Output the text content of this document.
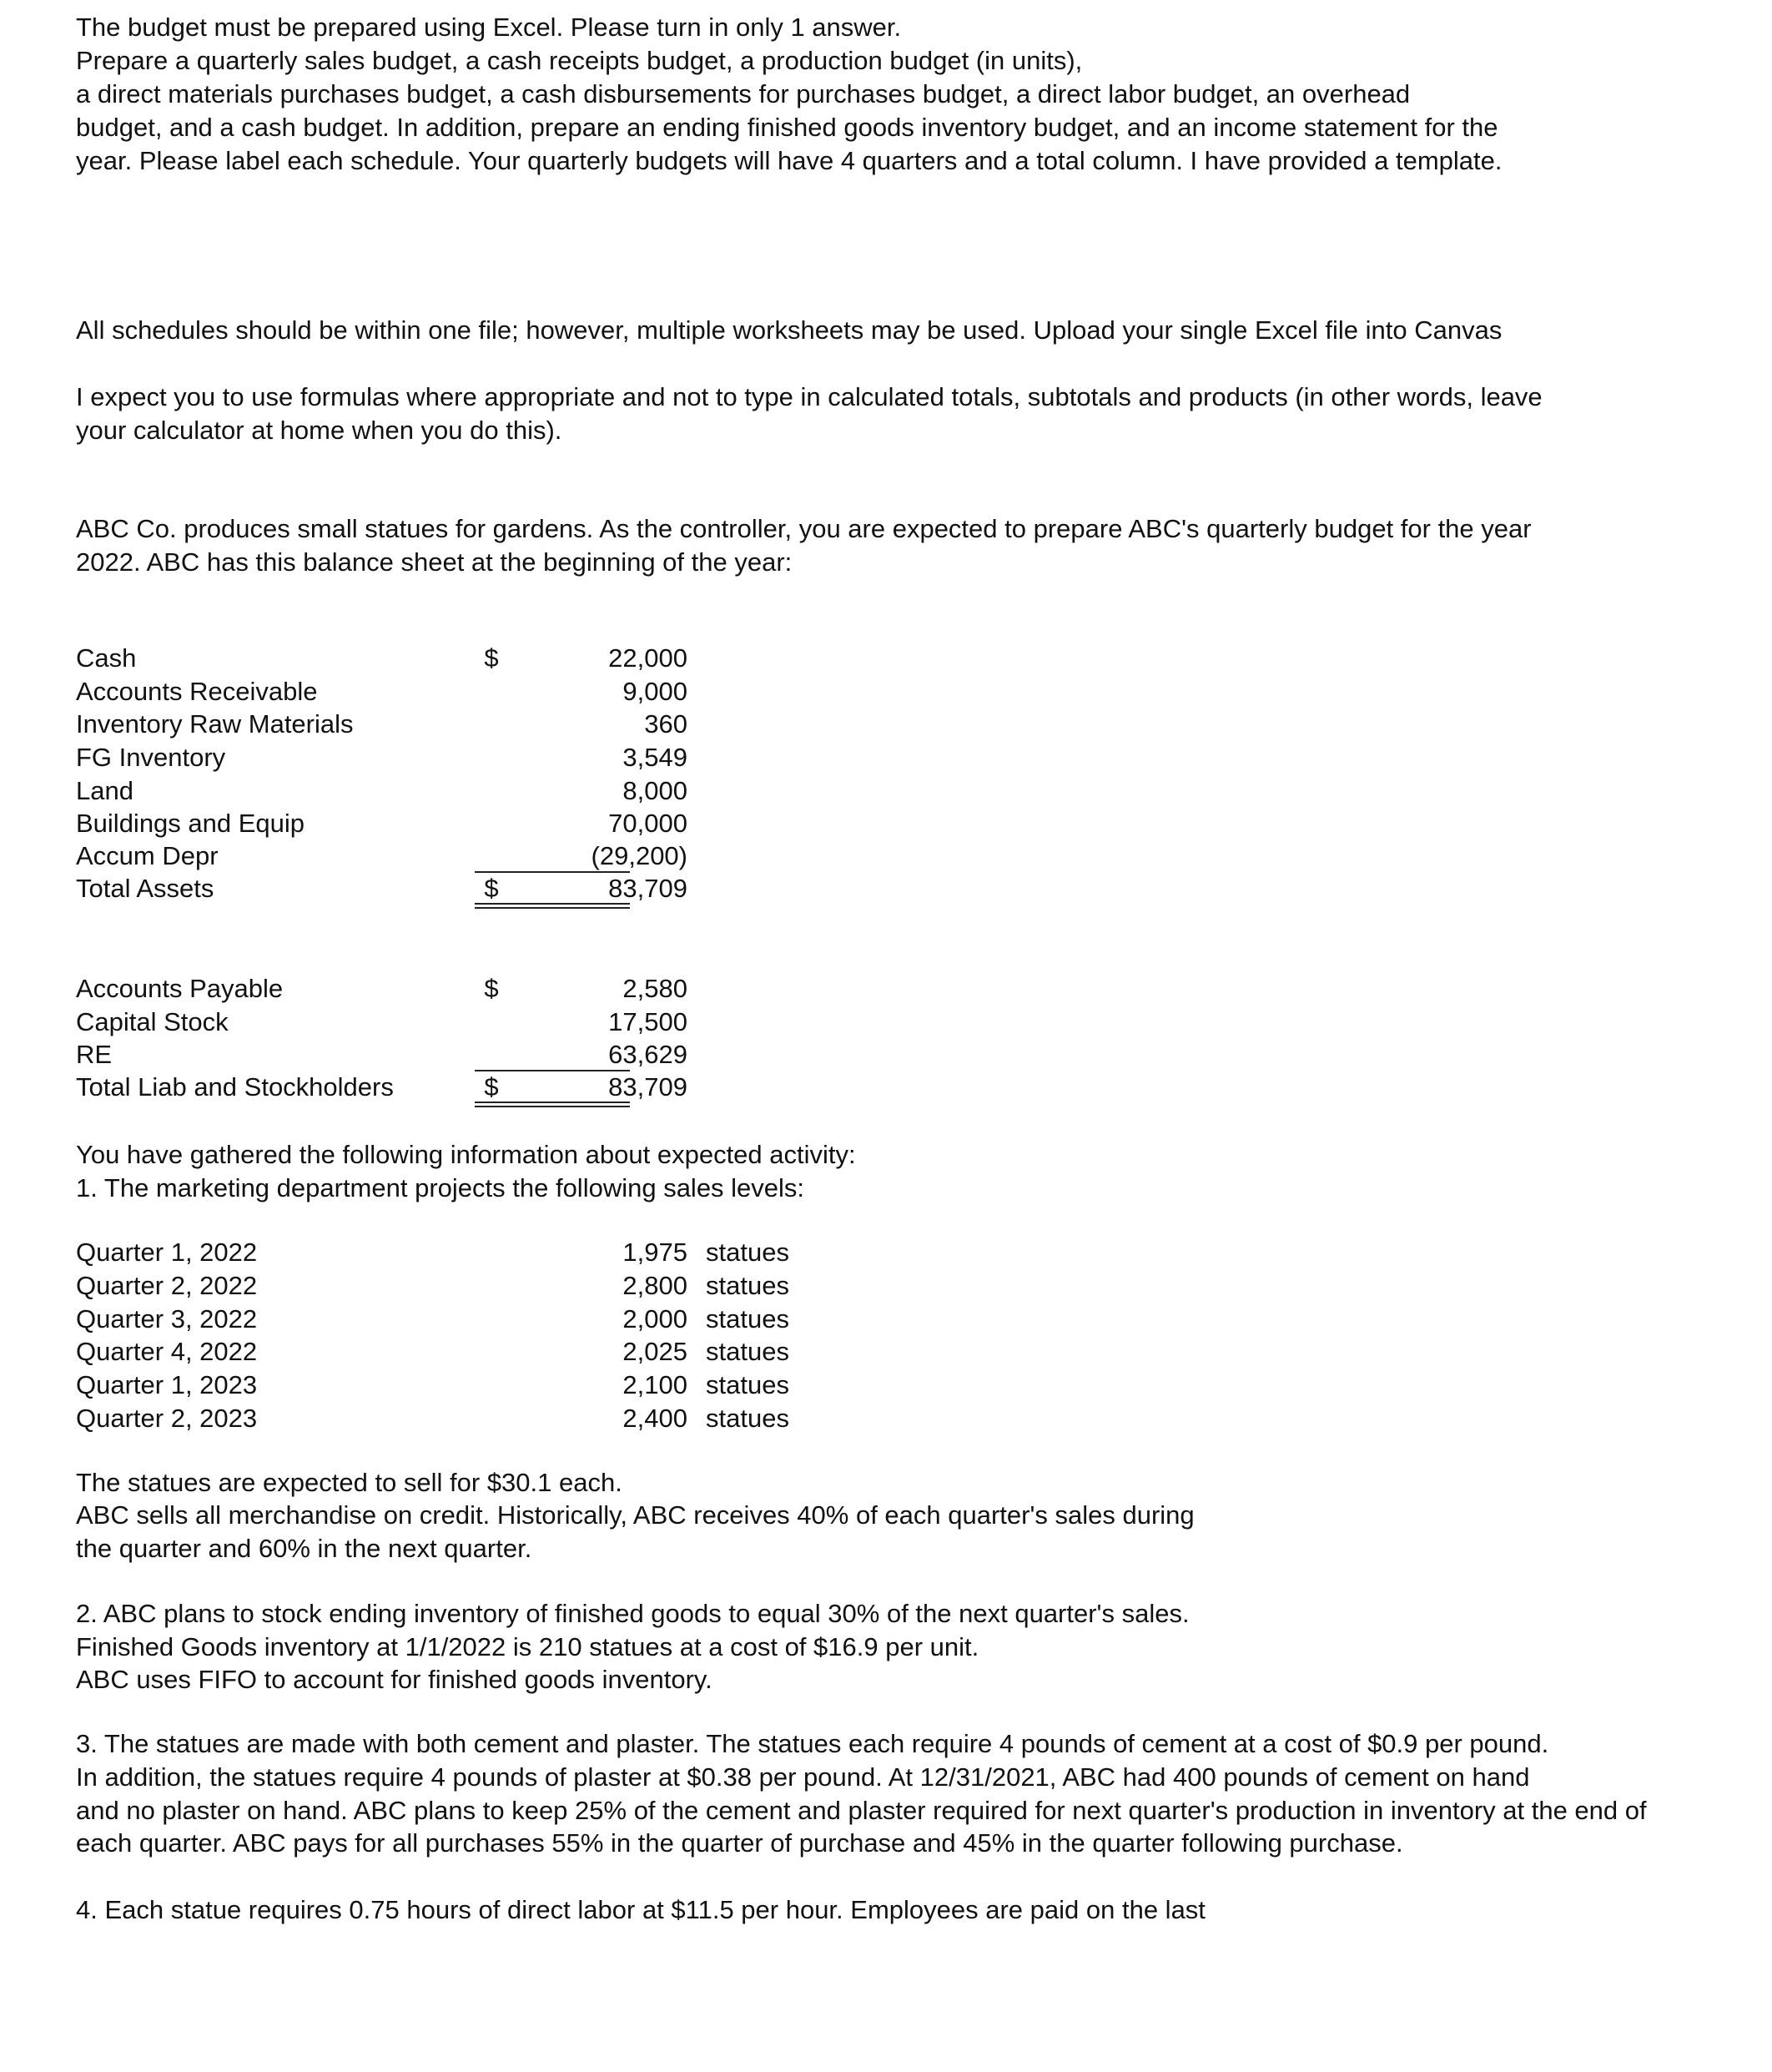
The budget must be prepared using Excel. Please turn in only 1 answer.
Prepare a quarterly sales budget, a cash receipts budget, a production budget (in units),
a direct materials purchases budget, a cash disbursements for purchases budget, a direct labor budget, an overhead
budget, and a cash budget. In addition, prepare an ending finished goods inventory budget, and an income statement for the
year. Please label each schedule. Your quarterly budgets will have 4 quarters and a total column. I have provided a template.
All schedules should be within one file; however, multiple worksheets may be used. Upload your single Excel file into Canvas
I expect you to use formulas where appropriate and not to type in calculated totals, subtotals and products (in other words, leave
your calculator at home when you do this).
ABC Co. produces small statues for gardens. As the controller, you are expected to prepare ABC's quarterly budget for the year
2022. ABC has this balance sheet at the beginning of the year:
Cash	$	22,000
Accounts Receivable	9,000
Inventory Raw Materials	360
FG Inventory	3,549
Land	8,000
Buildings and Equip	70,000
Accum Depr	(29,200)
Total Assets	$	83,709
Accounts Payable	$	2,580
Capital Stock	17,500
RE	63,629
Total Liab and Stockholders	$	83,709
You have gathered the following information about expected activity:
1. The marketing department projects the following sales levels:
Quarter 1, 2022	1,975 statues
Quarter 2, 2022	2,800 statues
Quarter 3, 2022	2,000 statues
Quarter 4, 2022	2,025 statues
Quarter 1, 2023	2,100 statues
Quarter 2, 2023	2,400 statues
The statues are expected to sell for $30.1 each.
ABC sells all merchandise on credit. Historically, ABC receives 40% of each quarter's sales during
the quarter and 60% in the next quarter.
2. ABC plans to stock ending inventory of finished goods to equal 30% of the next quarter's sales.
Finished Goods inventory at 1/1/2022 is 210 statues at a cost of $16.9 per unit.
ABC uses FIFO to account for finished goods inventory.
3. The statues are made with both cement and plaster. The statues each require 4 pounds of cement at a cost of $0.9 per pound.
In addition, the statues require 4 pounds of plaster at $0.38 per pound. At 12/31/2021, ABC had 400 pounds of cement on hand
and no plaster on hand. ABC plans to keep 25% of the cement and plaster required for next quarter's production in inventory at the end of
each quarter. ABC pays for all purchases 55% in the quarter of purchase and 45% in the quarter following purchase.
4. Each statue requires 0.75 hours of direct labor at $11.5 per hour. Employees are paid on the last
